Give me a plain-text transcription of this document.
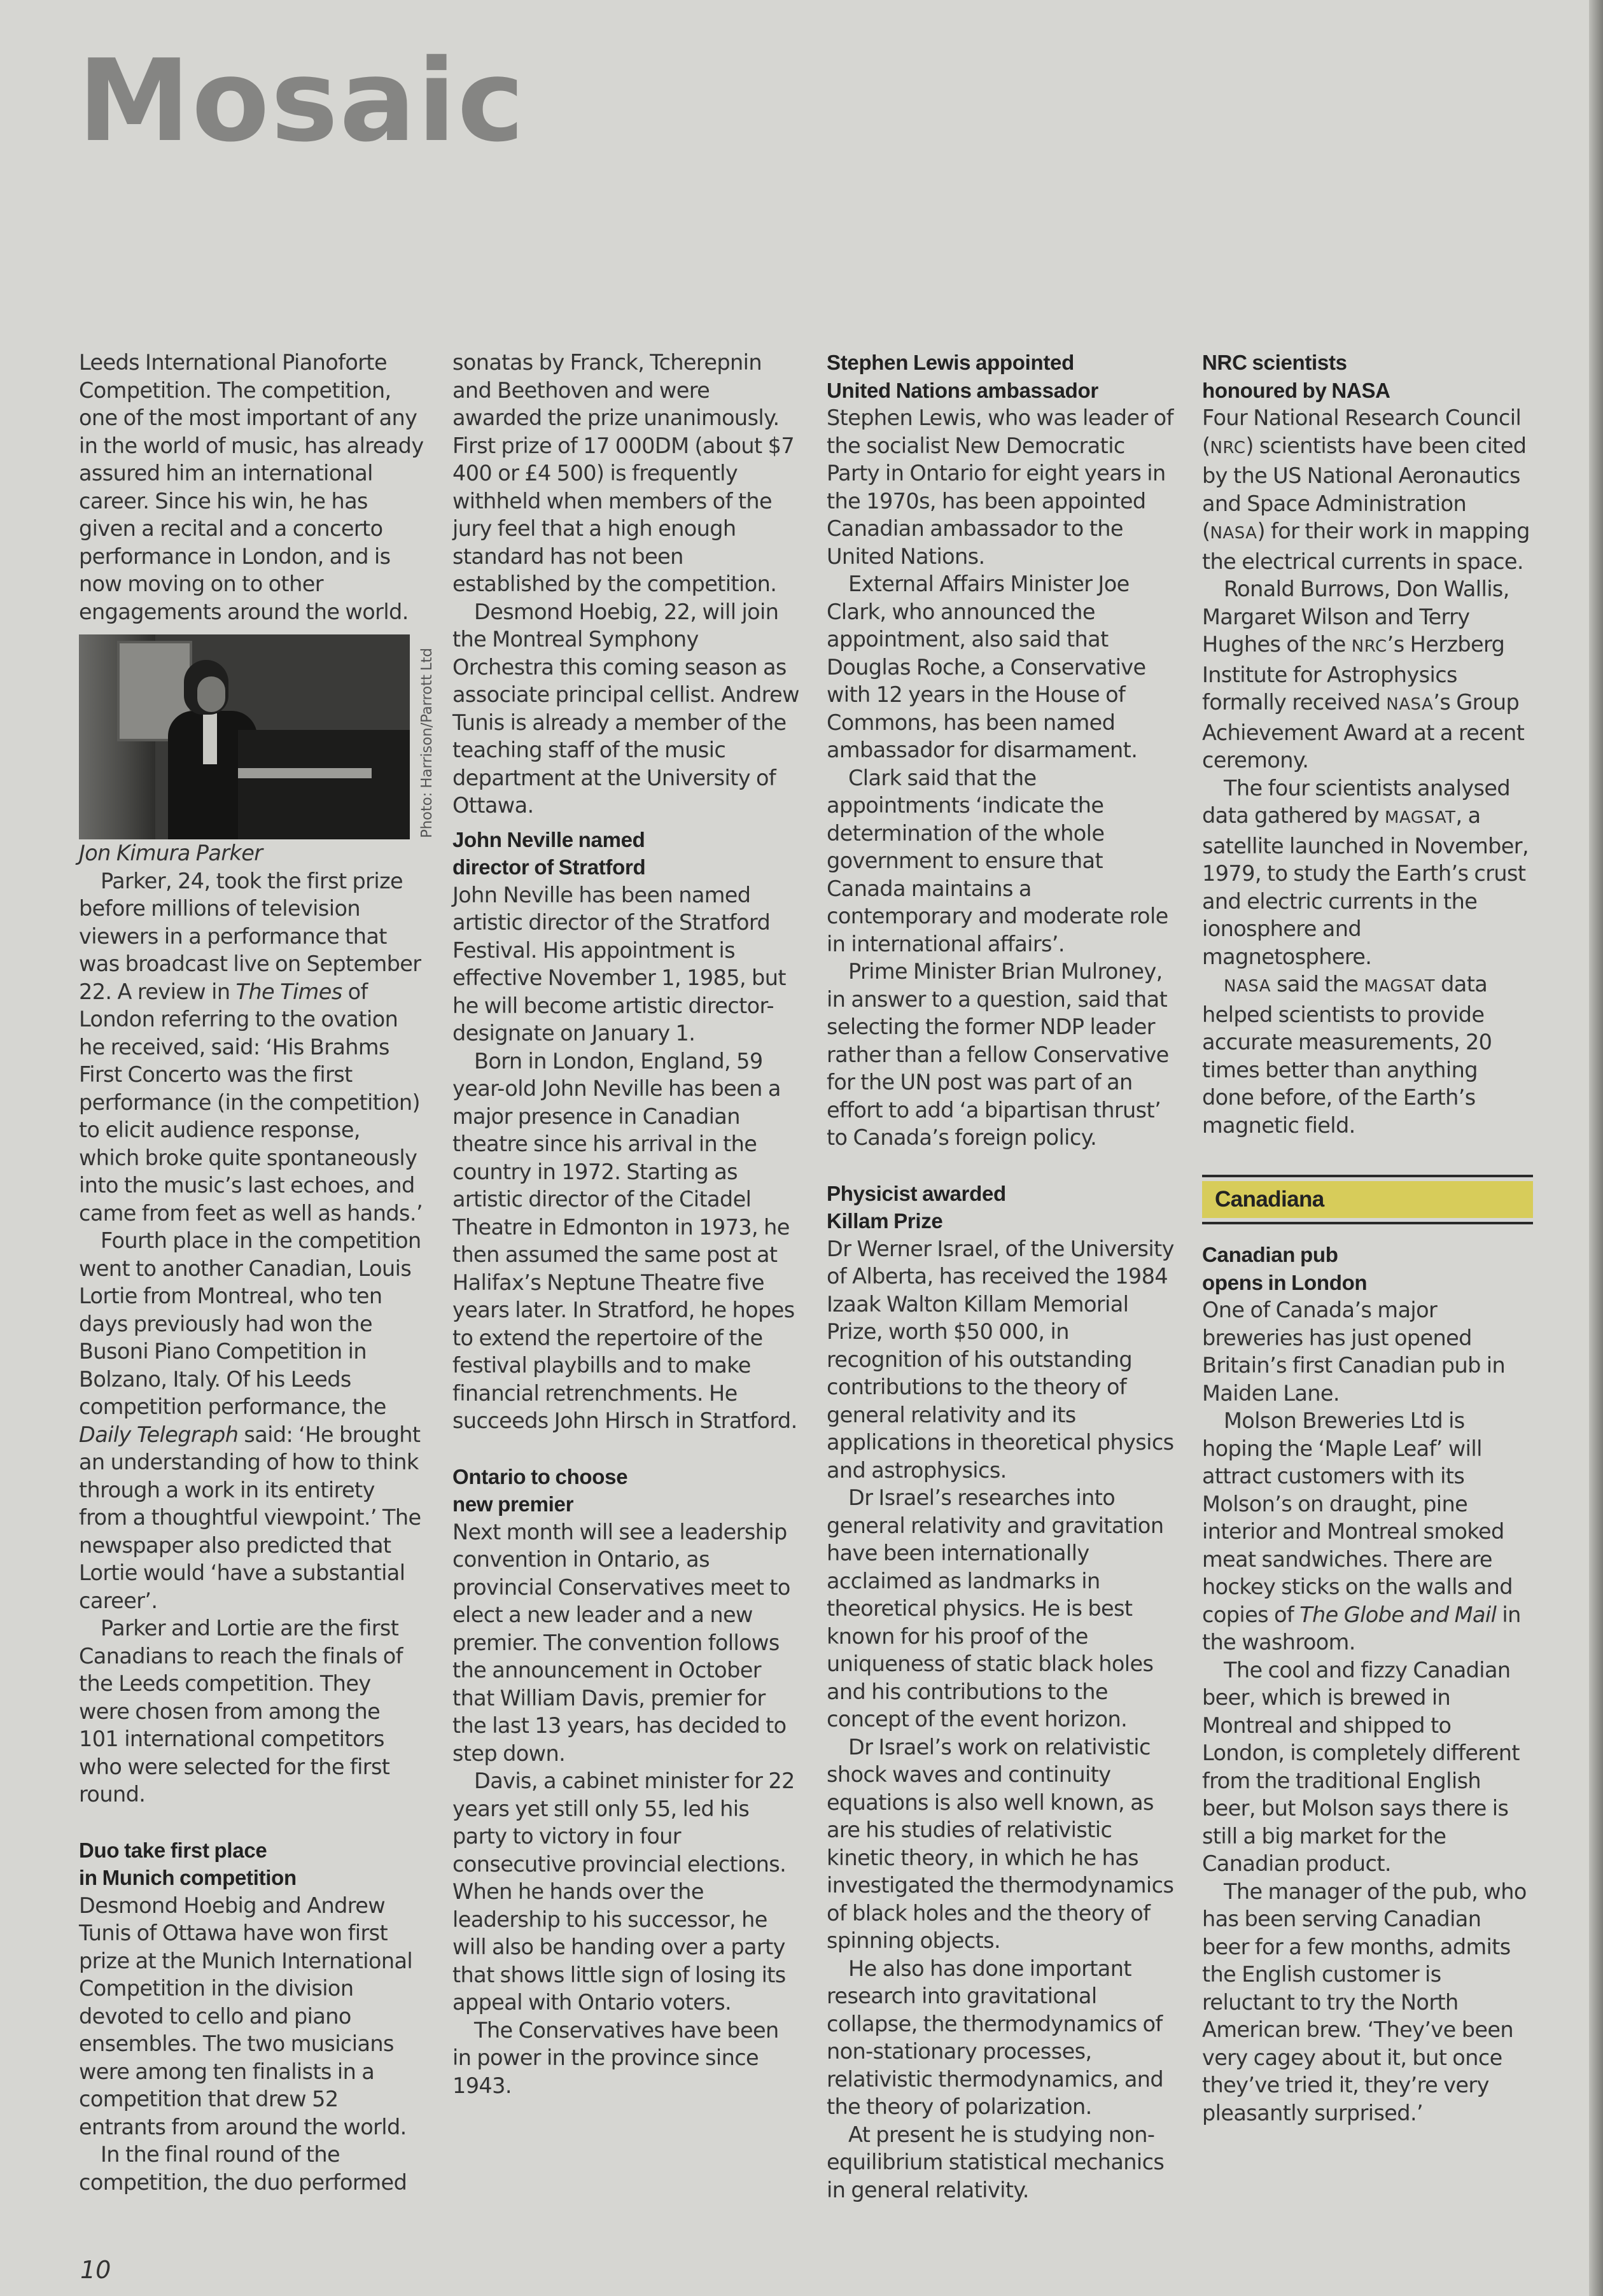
Mosaic

Leeds International Pianoforte Competition. The competition, one of the most important of any in the world of music, has already assured him an international career. Since his win, he has given a recital and a concerto performance in London, and is now moving on to other engagements around the world.

Photo: Harrison/Parrott Ltd

Jon Kimura Parker

Parker, 24, took the first prize before millions of television viewers in a performance that was broadcast live on September 22. A review in The Times of London referring to the ovation he received, said: ‘His Brahms First Concerto was the first performance (in the competition) to elicit audience response, which broke quite spontaneously into the music’s last echoes, and came from feet as well as hands.’

Fourth place in the competition went to another Canadian, Louis Lortie from Montreal, who ten days previously had won the Busoni Piano Competition in Bolzano, Italy. Of his Leeds competition performance, the Daily Telegraph said: ‘He brought an understanding of how to think through a work in its entirety from a thoughtful viewpoint.’ The newspaper also predicted that Lortie would ‘have a substantial career’.

Parker and Lortie are the first Canadians to reach the finals of the Leeds competition. They were chosen from among the 101 international competitors who were selected for the first round.

Duo take first place
in Munich competition

Desmond Hoebig and Andrew Tunis of Ottawa have won first prize at the Munich International Competition in the division devoted to cello and piano ensembles. The two musicians were among ten finalists in a competition that drew 52 entrants from around the world.

In the final round of the competition, the duo performed

sonatas by Franck, Tcherepnin and Beethoven and were awarded the prize unanimously. First prize of 17 000DM (about $7 400 or £4 500) is frequently withheld when members of the jury feel that a high enough standard has not been established by the competition.

Desmond Hoebig, 22, will join the Montreal Symphony Orchestra this coming season as associate principal cellist. Andrew Tunis is already a member of the teaching staff of the music department at the University of Ottawa.

John Neville named
director of Stratford

John Neville has been named artistic director of the Stratford Festival. His appointment is effective November 1, 1985, but he will become artistic director-designate on January 1.

Born in London, England, 59 year-old John Neville has been a major presence in Canadian theatre since his arrival in the country in 1972. Starting as artistic director of the Citadel Theatre in Edmonton in 1973, he then assumed the same post at Halifax’s Neptune Theatre five years later. In Stratford, he hopes to extend the repertoire of the festival playbills and to make financial retrenchments. He succeeds John Hirsch in Stratford.

Ontario to choose
new premier

Next month will see a leadership convention in Ontario, as provincial Conservatives meet to elect a new leader and a new premier. The convention follows the announcement in October that William Davis, premier for the last 13 years, has decided to step down.

Davis, a cabinet minister for 22 years yet still only 55, led his party to victory in four consecutive provincial elections. When he hands over the leadership to his successor, he will also be handing over a party that shows little sign of losing its appeal with Ontario voters.

The Conservatives have been in power in the province since 1943.

Stephen Lewis appointed
United Nations ambassador

Stephen Lewis, who was leader of the socialist New Democratic Party in Ontario for eight years in the 1970s, has been appointed Canadian ambassador to the United Nations.

External Affairs Minister Joe Clark, who announced the appointment, also said that Douglas Roche, a Conservative with 12 years in the House of Commons, has been named ambassador for disarmament.

Clark said that the appointments ‘indicate the determination of the whole government to ensure that Canada maintains a contemporary and moderate role in international affairs’.

Prime Minister Brian Mulroney, in answer to a question, said that selecting the former NDP leader rather than a fellow Conservative for the UN post was part of an effort to add ‘a bipartisan thrust’ to Canada’s foreign policy.

Physicist awarded
Killam Prize

Dr Werner Israel, of the University of Alberta, has received the 1984 Izaak Walton Killam Memorial Prize, worth $50 000, in recognition of his outstanding contributions to the theory of general relativity and its applications in theoretical physics and astrophysics.

Dr Israel’s researches into general relativity and gravitation have been internationally acclaimed as landmarks in theoretical physics. He is best known for his proof of the uniqueness of static black holes and his contributions to the concept of the event horizon.

Dr Israel’s work on relativistic shock waves and continuity equations is also well known, as are his studies of relativistic kinetic theory, in which he has investigated the thermodynamics of black holes and the theory of spinning objects.

He also has done important research into gravitational collapse, the thermodynamics of non-stationary processes, relativistic thermodynamics, and the theory of polarization.

At present he is studying non-equilibrium statistical mechanics in general relativity.

NRC scientists
honoured by NASA

Four National Research Council (NRC) scientists have been cited by the US National Aeronautics and Space Administration (NASA) for their work in mapping the electrical currents in space.

Ronald Burrows, Don Wallis, Margaret Wilson and Terry Hughes of the NRC’s Herzberg Institute for Astrophysics formally received NASA’s Group Achievement Award at a recent ceremony.

The four scientists analysed data gathered by MAGSAT, a satellite launched in November, 1979, to study the Earth’s crust and electric currents in the ionosphere and magnetosphere.

NASA said the MAGSAT data helped scientists to provide accurate measurements, 20 times better than anything done before, of the Earth’s magnetic field.

Canadiana
Canadian pub
opens in London

One of Canada’s major breweries has just opened Britain’s first Canadian pub in Maiden Lane.

Molson Breweries Ltd is hoping the ‘Maple Leaf’ will attract customers with its Molson’s on draught, pine interior and Montreal smoked meat sandwiches. There are hockey sticks on the walls and copies of The Globe and Mail in the washroom.

The cool and fizzy Canadian beer, which is brewed in Montreal and shipped to London, is completely different from the traditional English beer, but Molson says there is still a big market for the Canadian product.

The manager of the pub, who has been serving Canadian beer for a few months, admits the English customer is reluctant to try the North American brew. ‘They’ve been very cagey about it, but once they’ve tried it, they’re very pleasantly surprised.’

10
